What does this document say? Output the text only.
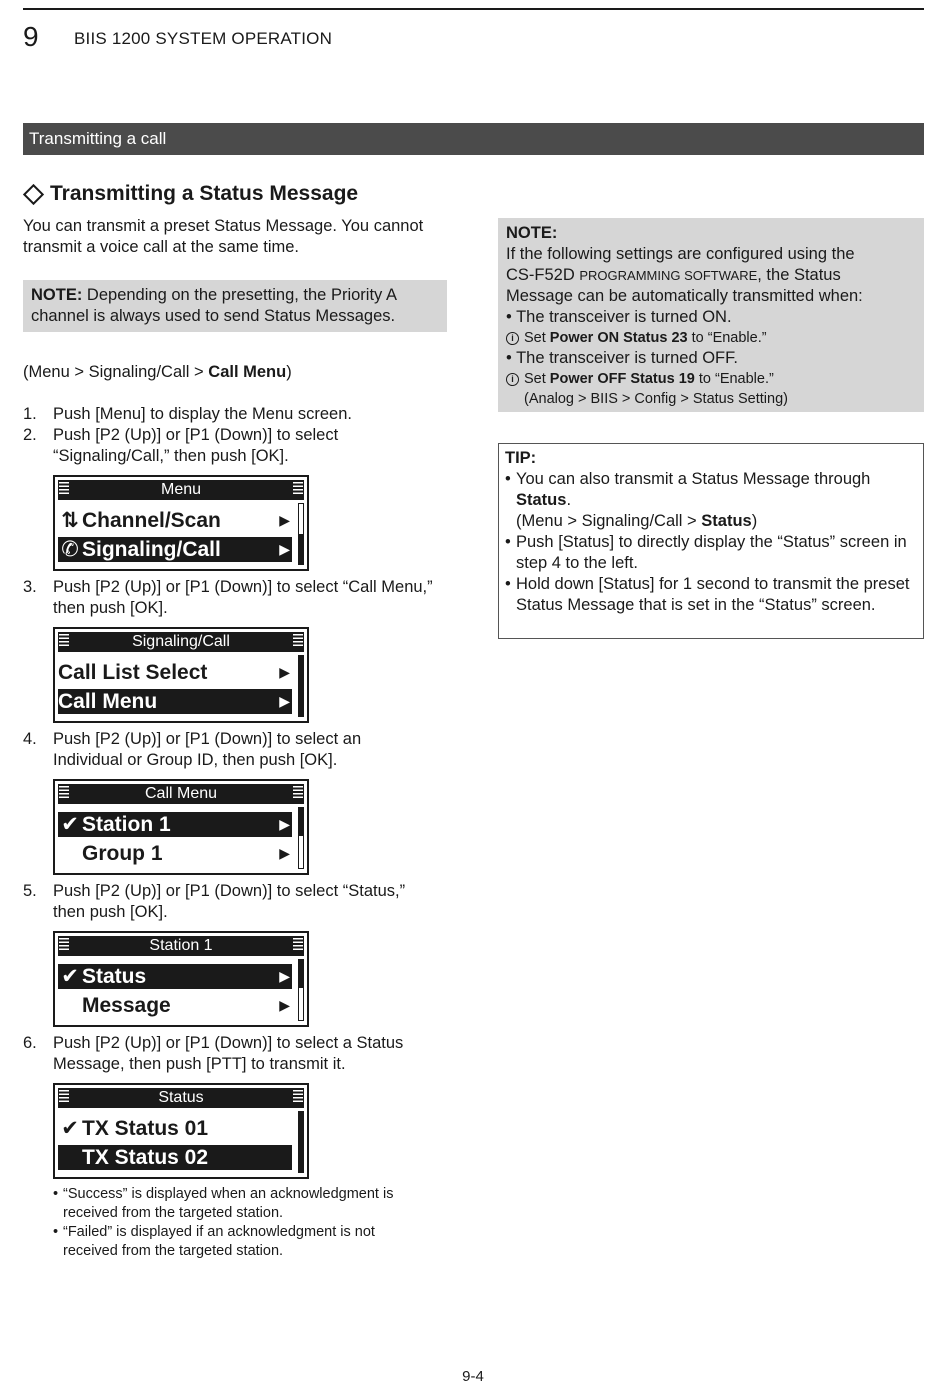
9 BIIS 1200 SYSTEM OPERATION
Transmitting a call
Transmitting a Status Message
You can transmit a preset Status Message. You cannot transmit a voice call at the same time.
NOTE: Depending on the presetting, the Priority A channel is always used to send Status Messages.
(Menu > Signaling/Call > Call Menu)
1. Push [Menu] to display the Menu screen.
2. Push [P2 (Up)] or [P1 (Down)] to select “Signaling/Call,” then push [OK].
Menu
⇅ Channel/Scan	▶
✆ Signaling/Call	▶
3. Push [P2 (Up)] or [P1 (Down)] to select “Call Menu,” then push [OK].
Signaling/Call
Call List Select	▶
Call Menu	▶
4. Push [P2 (Up)] or [P1 (Down)] to select an Individual or Group ID, then push [OK].
Call Menu
✔ Station 1	▶
Group 1	▶
5. Push [P2 (Up)] or [P1 (Down)] to select “Status,” then push [OK].
Station 1
✔ Status	▶
Message	▶
6. Push [P2 (Up)] or [P1 (Down)] to select a Status Message, then push [PTT] to transmit it.
Status
✔ TX Status 01
TX Status 02
• “Success” is displayed when an acknowledgment is received from the targeted station.
• “Failed” is displayed if an acknowledgment is not received from the targeted station.
NOTE:
If the following settings are configured using the
CS-F52D PROGRAMMING SOFTWARE, the Status
Message can be automatically transmitted when:
• The transceiver is turned ON.
i Set Power ON Status 23 to “Enable.”
• The transceiver is turned OFF.
i Set Power OFF Status 19 to “Enable.”
(Analog > BIIS > Config > Status Setting)
TIP:
• You can also transmit a Status Message through Status.
(Menu > Signaling/Call > Status)
• Push [Status] to directly display the “Status” screen in step 4 to the left.
• Hold down [Status] for 1 second to transmit the preset Status Message that is set in the “Status” screen.
9-4
